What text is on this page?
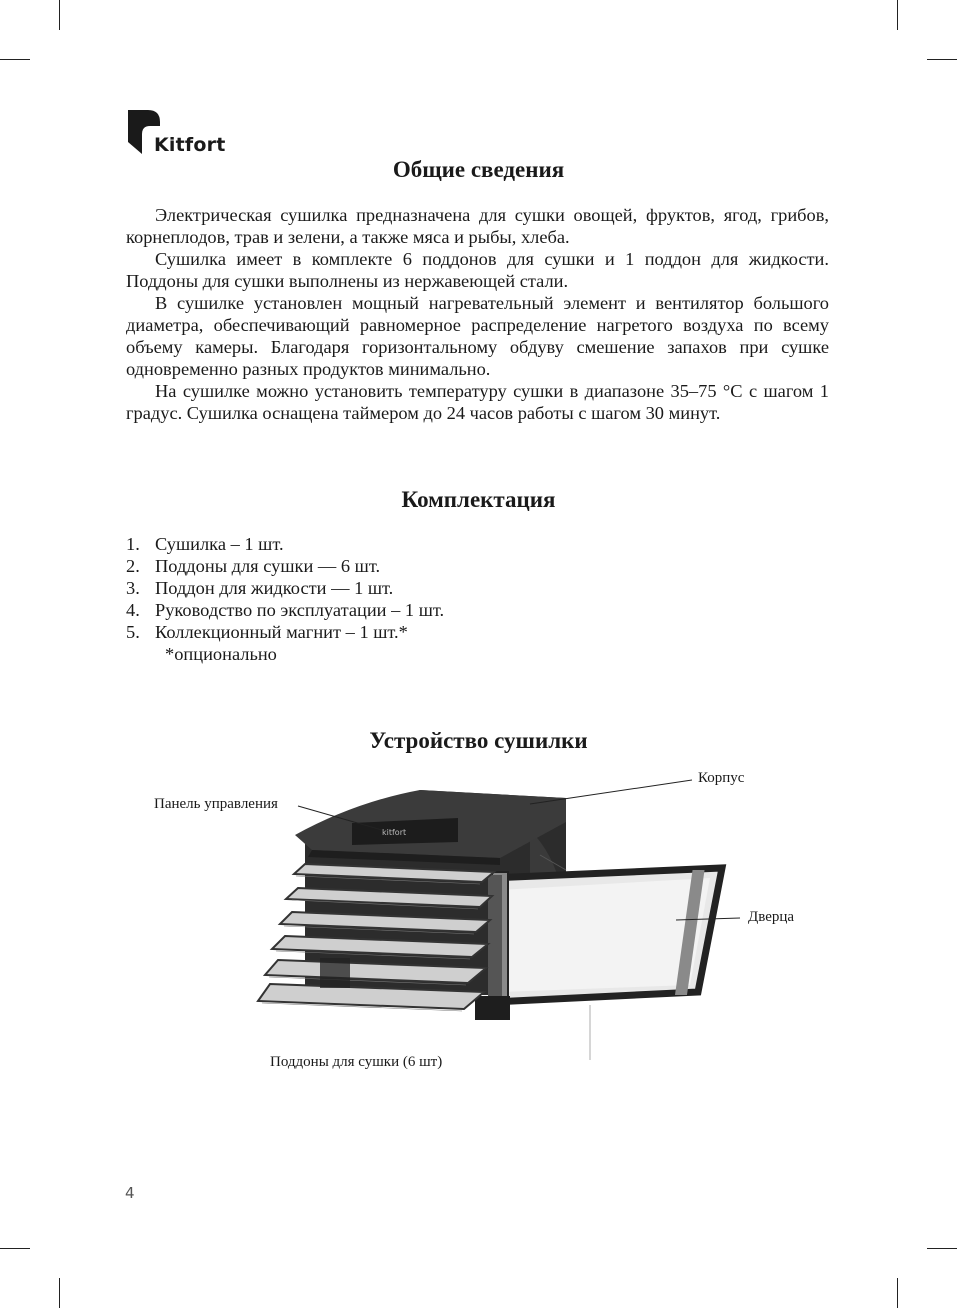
Kitfort
Общие сведения

Электрическая сушилка предназначена для сушки овощей, фруктов, ягод, грибов, корнеплодов, трав и зелени, а также мяса и рыбы, хлеба.

Сушилка имеет в комплекте 6 поддонов для сушки и 1 поддон для жидкости. Поддоны для сушки выполнены из нержавеющей стали.

В сушилке установлен мощный нагревательный элемент и вентилятор большого диаметра, обеспечивающий равномерное распределение нагретого воздуха по всему объему камеры. Благодаря горизонтальному обдуву смешение запахов при сушке одновременно разных продуктов минимально.

На сушилке можно установить температуру сушки в диапазоне 35–75 °C с шагом 1 градус. Сушилка оснащена таймером до 24 часов работы с шагом 30 минут.

Комплектация
1. Сушилка – 1 шт.
2. Поддоны для сушки — 6 шт.
3. Поддон для жидкости — 1 шт.
4. Руководство по эксплуатации – 1 шт.
5. Коллекционный магнит – 1 шт.*
*опционально
Устройство сушилки
kitfort
Панель управления
Корпус
Дверца
Поддоны для сушки (6 шт)
4
